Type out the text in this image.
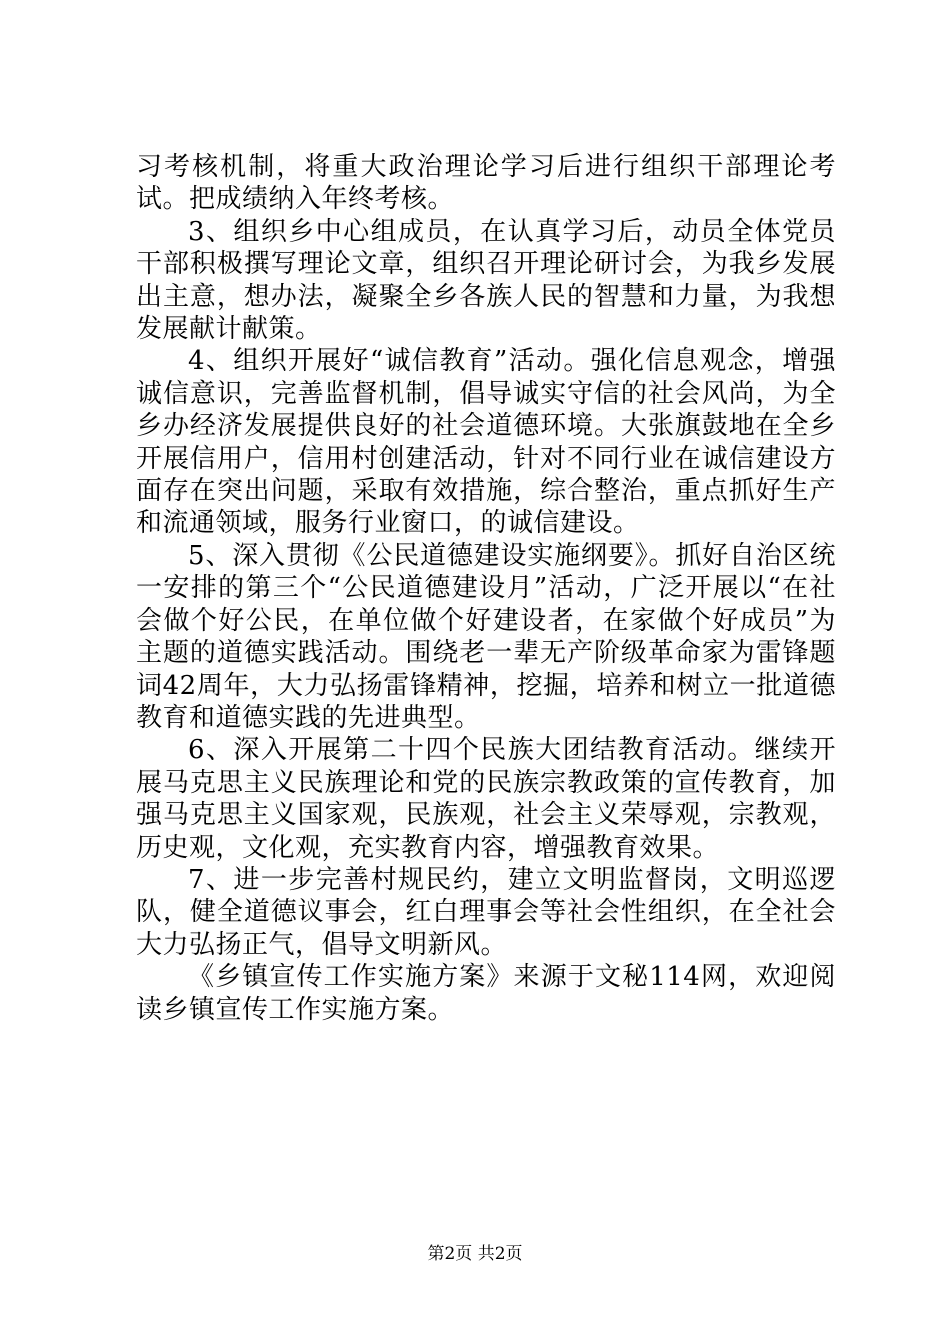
习考核机制，将重大政治理论学习后进行组织干部理论考试。把成绩纳入年终考核。

3、组织乡中心组成员，在认真学习后，动员全体党员干部积极撰写理论文章，组织召开理论研讨会，为我乡发展出主意，想办法，凝聚全乡各族人民的智慧和力量，为我想发展献计献策。

4、组织开展好“诚信教育”活动。强化信息观念，增强诚信意识，完善监督机制，倡导诚实守信的社会风尚，为全乡办经济发展提供良好的社会道德环境。大张旗鼓地在全乡开展信用户，信用村创建活动，针对不同行业在诚信建设方面存在突出问题，采取有效措施，综合整治，重点抓好生产和流通领域，服务行业窗口，的诚信建设。

5、深入贯彻《公民道德建设实施纲要》。抓好自治区统一安排的第三个“公民道德建设月”活动，广泛开展以“在社会做个好公民，在单位做个好建设者，在家做个好成员”为主题的道德实践活动。围绕老一辈无产阶级革命家为雷锋题词42周年，大力弘扬雷锋精神，挖掘，培养和树立一批道德教育和道德实践的先进典型。

6、深入开展第二十四个民族大团结教育活动。继续开展马克思主义民族理论和党的民族宗教政策的宣传教育，加强马克思主义国家观，民族观，社会主义荣辱观，宗教观，历史观，文化观，充实教育内容，增强教育效果。

7、进一步完善村规民约，建立文明监督岗，文明巡逻队，健全道德议事会，红白理事会等社会性组织，在全社会大力弘扬正气，倡导文明新风。

《乡镇宣传工作实施方案》来源于文秘114网，欢迎阅读乡镇宣传工作实施方案。

第2页 共2页
